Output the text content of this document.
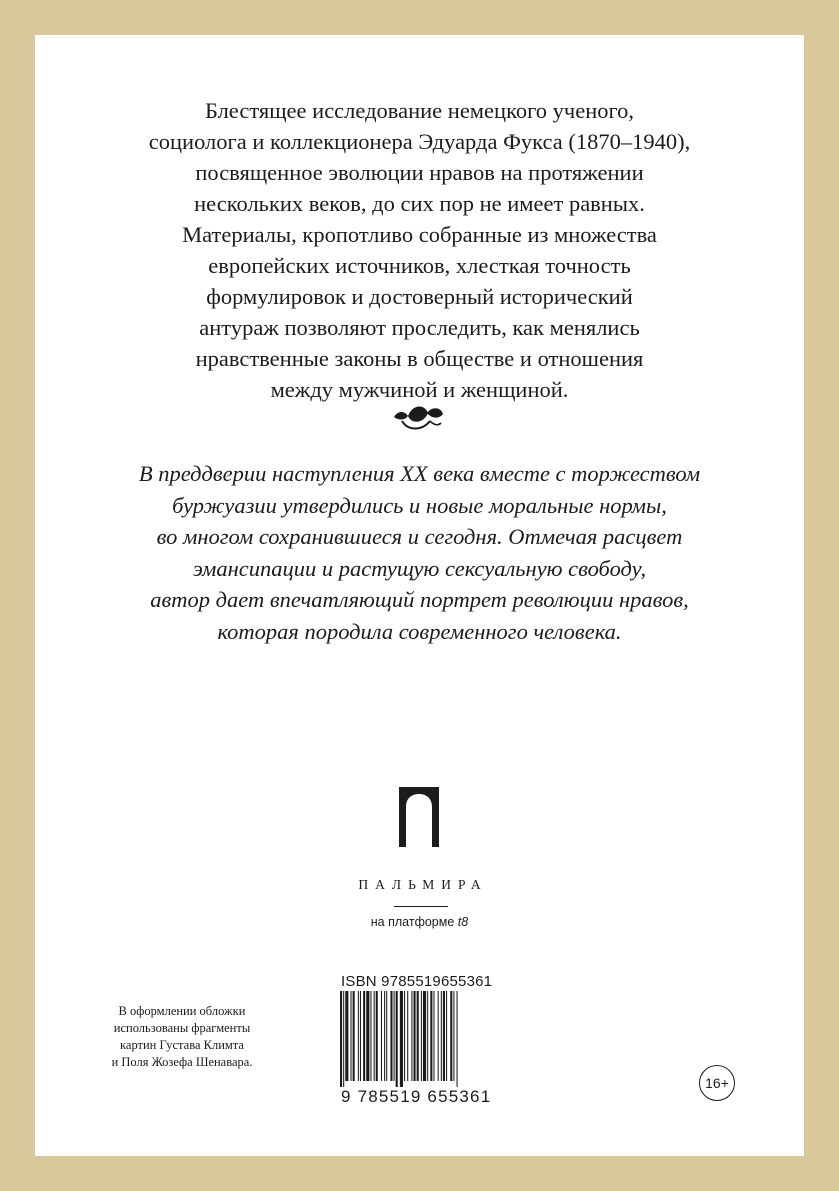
Блестящее исследование немецкого ученого,
социолога и коллекционера Эдуарда Фукса (1870–1940),
посвященное эволюции нравов на протяжении
нескольких веков, до сих пор не имеет равных.
Материалы, кропотливо собранные из множества
европейских источников, хлесткая точность
формулировок и достоверный исторический
антураж позволяют проследить, как менялись
нравственные законы в обществе и отношения
между мужчиной и женщиной.
В преддверии наступления XX века вместе с торжеством
буржуазии утвердились и новые моральные нормы,
во многом сохранившиеся и сегодня. Отмечая расцвет
эмансипации и растущую сексуальную свободу,
автор дает впечатляющий портрет революции нравов,
которая породила современного человека.
ПАЛЬМИРА
на платформе t8
В оформлении обложки
использованы фрагменты
картин Густава Климта
и Поля Жозефа Шенавара.
ISBN 9785519655361
9 785519 655361
16+
